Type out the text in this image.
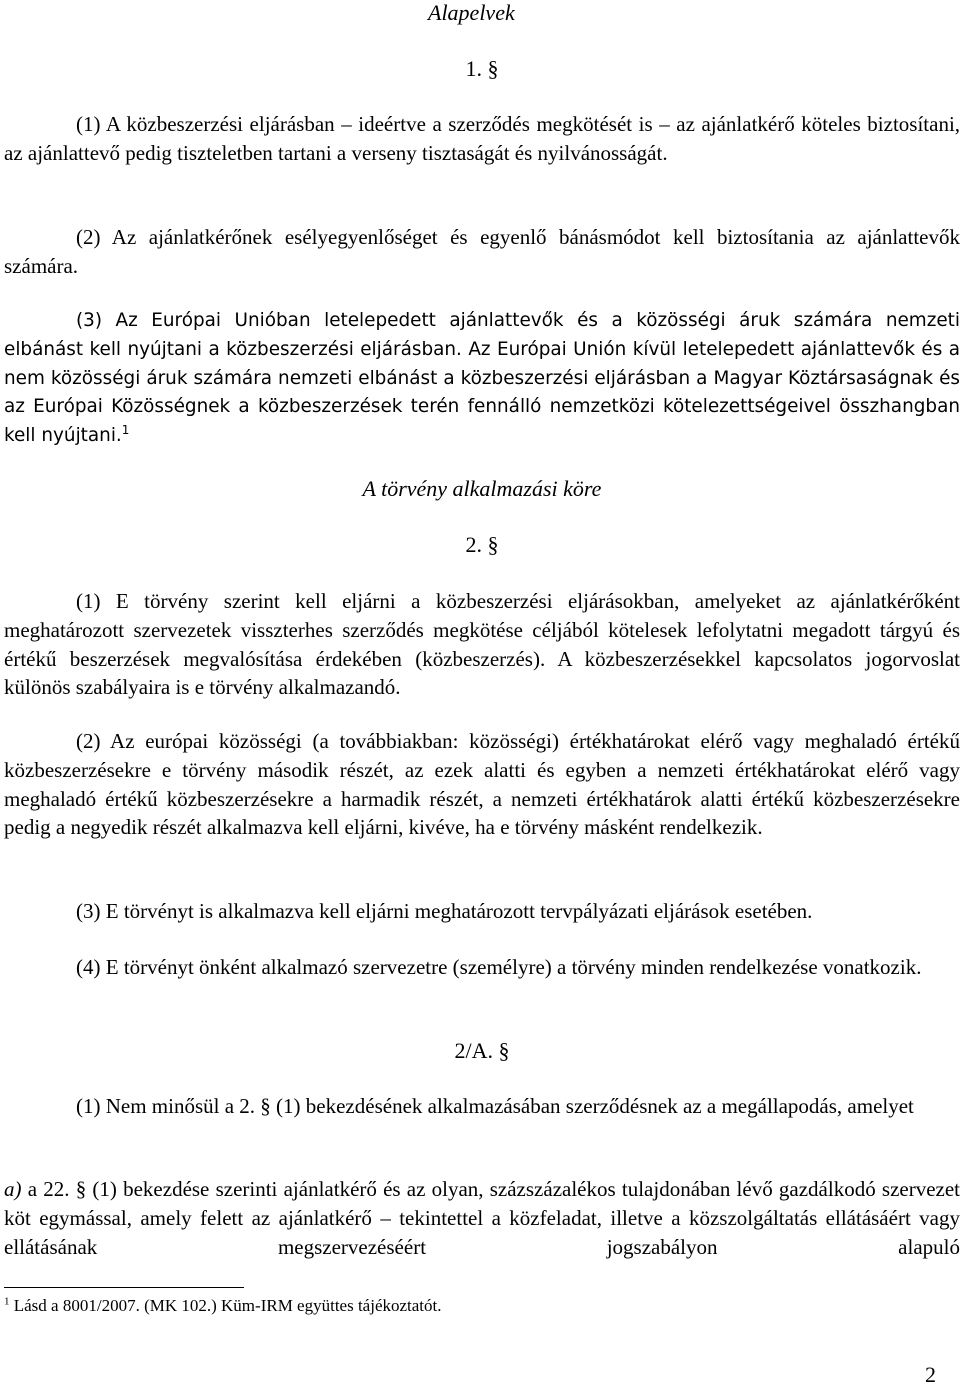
Alapelvek
1. §

(1) A közbeszerzési eljárásban – ideértve a szerződés megkötését is – az ajánlatkérő köteles biztosítani, az ajánlattevő pedig tiszteletben tartani a verseny tisztaságát és nyilvánosságát.

(2) Az ajánlatkérőnek esélyegyenlőséget és egyenlő bánásmódot kell biztosítania az ajánlattevők számára.

(3) Az Európai Unióban letelepedett ajánlattevők és a közösségi áruk számára nemzeti elbánást kell nyújtani a közbeszerzési eljárásban. Az Európai Unión kívül letelepedett ajánlattevők és a nem közösségi áruk számára nemzeti elbánást a közbeszerzési eljárásban a Magyar Köztársaságnak és az Európai Közösségnek a közbeszerzések terén fennálló nemzetközi kötelezettségeivel összhangban kell nyújtani.$^1$

A törvény alkalmazási köre
2. §

(1) E törvény szerint kell eljárni a közbeszerzési eljárásokban, amelyeket az ajánlatkérőként meghatározott szervezetek visszterhes szerződés megkötése céljából kötelesek lefolytatni megadott tárgyú és értékű beszerzések megvalósítása érdekében (közbeszerzés). A közbeszerzésekkel kapcsolatos jogorvoslat különös szabályaira is e törvény alkalmazandó.

(2) Az európai közösségi (a továbbiakban: közösségi) értékhatárokat elérő vagy meghaladó értékű közbeszerzésekre e törvény második részét, az ezek alatti és egyben a nemzeti értékhatárokat elérő vagy meghaladó értékű közbeszerzésekre a harmadik részét, a nemzeti értékhatárok alatti értékű közbeszerzésekre pedig a negyedik részét alkalmazva kell eljárni, kivéve, ha e törvény másként rendelkezik.

(3) E törvényt is alkalmazva kell eljárni meghatározott tervpályázati eljárások esetében.

(4) E törvényt önként alkalmazó szervezetre (személyre) a törvény minden rendelkezése vonatkozik.

2/A. §

(1) Nem minősül a 2. § (1) bekezdésének alkalmazásában szerződésnek az a megállapodás, amelyet

a) a 22. § (1) bekezdése szerinti ajánlatkérő és az olyan, százszázalékos tulajdonában lévő gazdálkodó szervezet köt egymással, amely felett az ajánlatkérő – tekintettel a közfeladat, illetve a közszolgáltatás ellátásáért vagy ellátásának megszervezéséért jogszabályon alapuló

$^1$ Lásd a 8001/2007. (MK 102.) Küm-IRM együttes tájékoztatót.
2
